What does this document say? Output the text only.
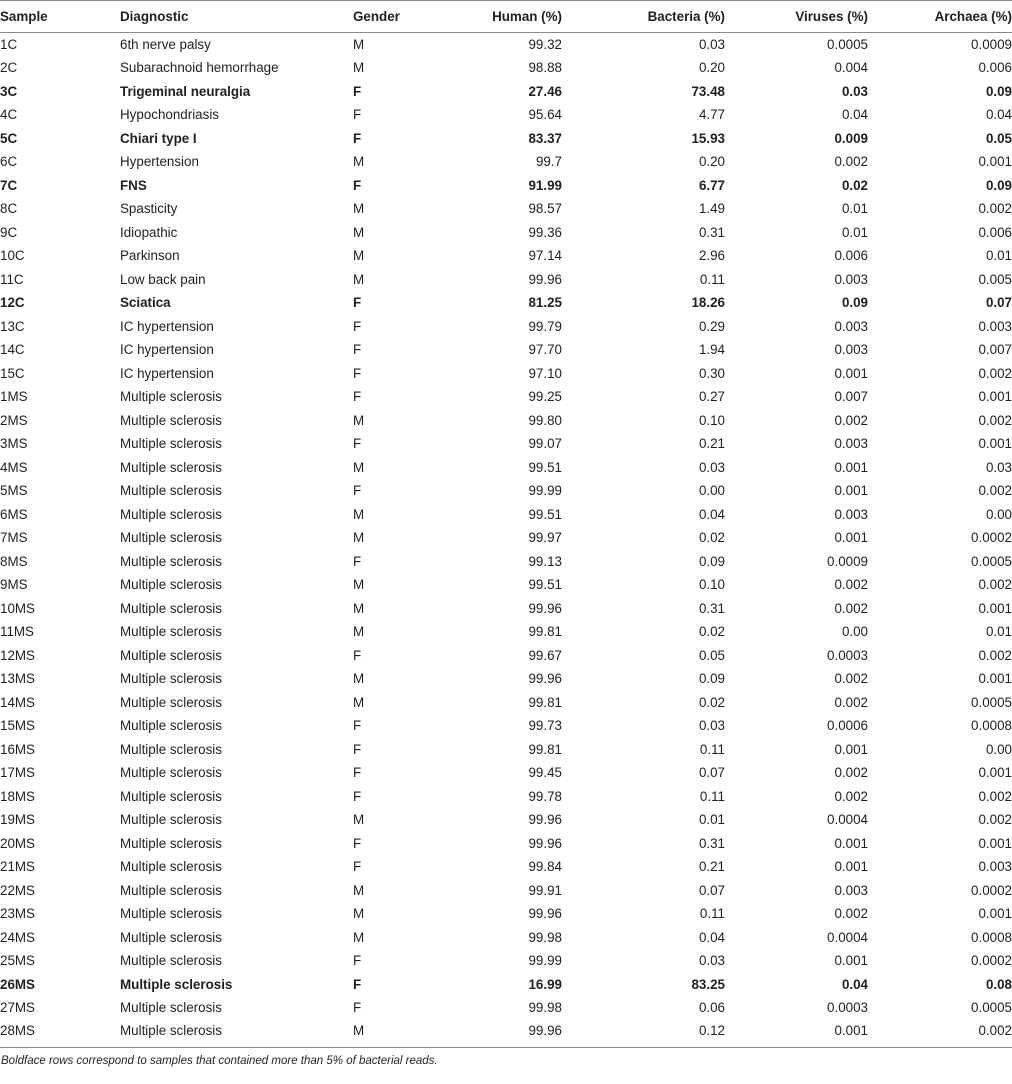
Sample	Diagnostic	Gender	Human (%)	Bacteria (%)	Viruses (%)	Archaea (%)
1C	6th nerve palsy	M	99.32	0.03	0.0005	0.0009
2C	Subarachnoid hemorrhage	M	98.88	0.20	0.004	0.006
3C	Trigeminal neuralgia	F	27.46	73.48	0.03	0.09
4C	Hypochondriasis	F	95.64	4.77	0.04	0.04
5C	Chiari type I	F	83.37	15.93	0.009	0.05
6C	Hypertension	M	99.7	0.20	0.002	0.001
7C	FNS	F	91.99	6.77	0.02	0.09
8C	Spasticity	M	98.57	1.49	0.01	0.002
9C	Idiopathic	M	99.36	0.31	0.01	0.006
10C	Parkinson	M	97.14	2.96	0.006	0.01
11C	Low back pain	M	99.96	0.11	0.003	0.005
12C	Sciatica	F	81.25	18.26	0.09	0.07
13C	IC hypertension	F	99.79	0.29	0.003	0.003
14C	IC hypertension	F	97.70	1.94	0.003	0.007
15C	IC hypertension	F	97.10	0.30	0.001	0.002
1MS	Multiple sclerosis	F	99.25	0.27	0.007	0.001
2MS	Multiple sclerosis	M	99.80	0.10	0.002	0.002
3MS	Multiple sclerosis	F	99.07	0.21	0.003	0.001
4MS	Multiple sclerosis	M	99.51	0.03	0.001	0.03
5MS	Multiple sclerosis	F	99.99	0.00	0.001	0.002
6MS	Multiple sclerosis	M	99.51	0.04	0.003	0.00
7MS	Multiple sclerosis	M	99.97	0.02	0.001	0.0002
8MS	Multiple sclerosis	F	99.13	0.09	0.0009	0.0005
9MS	Multiple sclerosis	M	99.51	0.10	0.002	0.002
10MS	Multiple sclerosis	M	99.96	0.31	0.002	0.001
11MS	Multiple sclerosis	M	99.81	0.02	0.00	0.01
12MS	Multiple sclerosis	F	99.67	0.05	0.0003	0.002
13MS	Multiple sclerosis	M	99.96	0.09	0.002	0.001
14MS	Multiple sclerosis	M	99.81	0.02	0.002	0.0005
15MS	Multiple sclerosis	F	99.73	0.03	0.0006	0.0008
16MS	Multiple sclerosis	F	99.81	0.11	0.001	0.00
17MS	Multiple sclerosis	F	99.45	0.07	0.002	0.001
18MS	Multiple sclerosis	F	99.78	0.11	0.002	0.002
19MS	Multiple sclerosis	M	99.96	0.01	0.0004	0.002
20MS	Multiple sclerosis	F	99.96	0.31	0.001	0.001
21MS	Multiple sclerosis	F	99.84	0.21	0.001	0.003
22MS	Multiple sclerosis	M	99.91	0.07	0.003	0.0002
23MS	Multiple sclerosis	M	99.96	0.11	0.002	0.001
24MS	Multiple sclerosis	M	99.98	0.04	0.0004	0.0008
25MS	Multiple sclerosis	F	99.99	0.03	0.001	0.0002
26MS	Multiple sclerosis	F	16.99	83.25	0.04	0.08
27MS	Multiple sclerosis	F	99.98	0.06	0.0003	0.0005
28MS	Multiple sclerosis	M	99.96	0.12	0.001	0.002
Boldface rows correspond to samples that contained more than 5% of bacterial reads.
